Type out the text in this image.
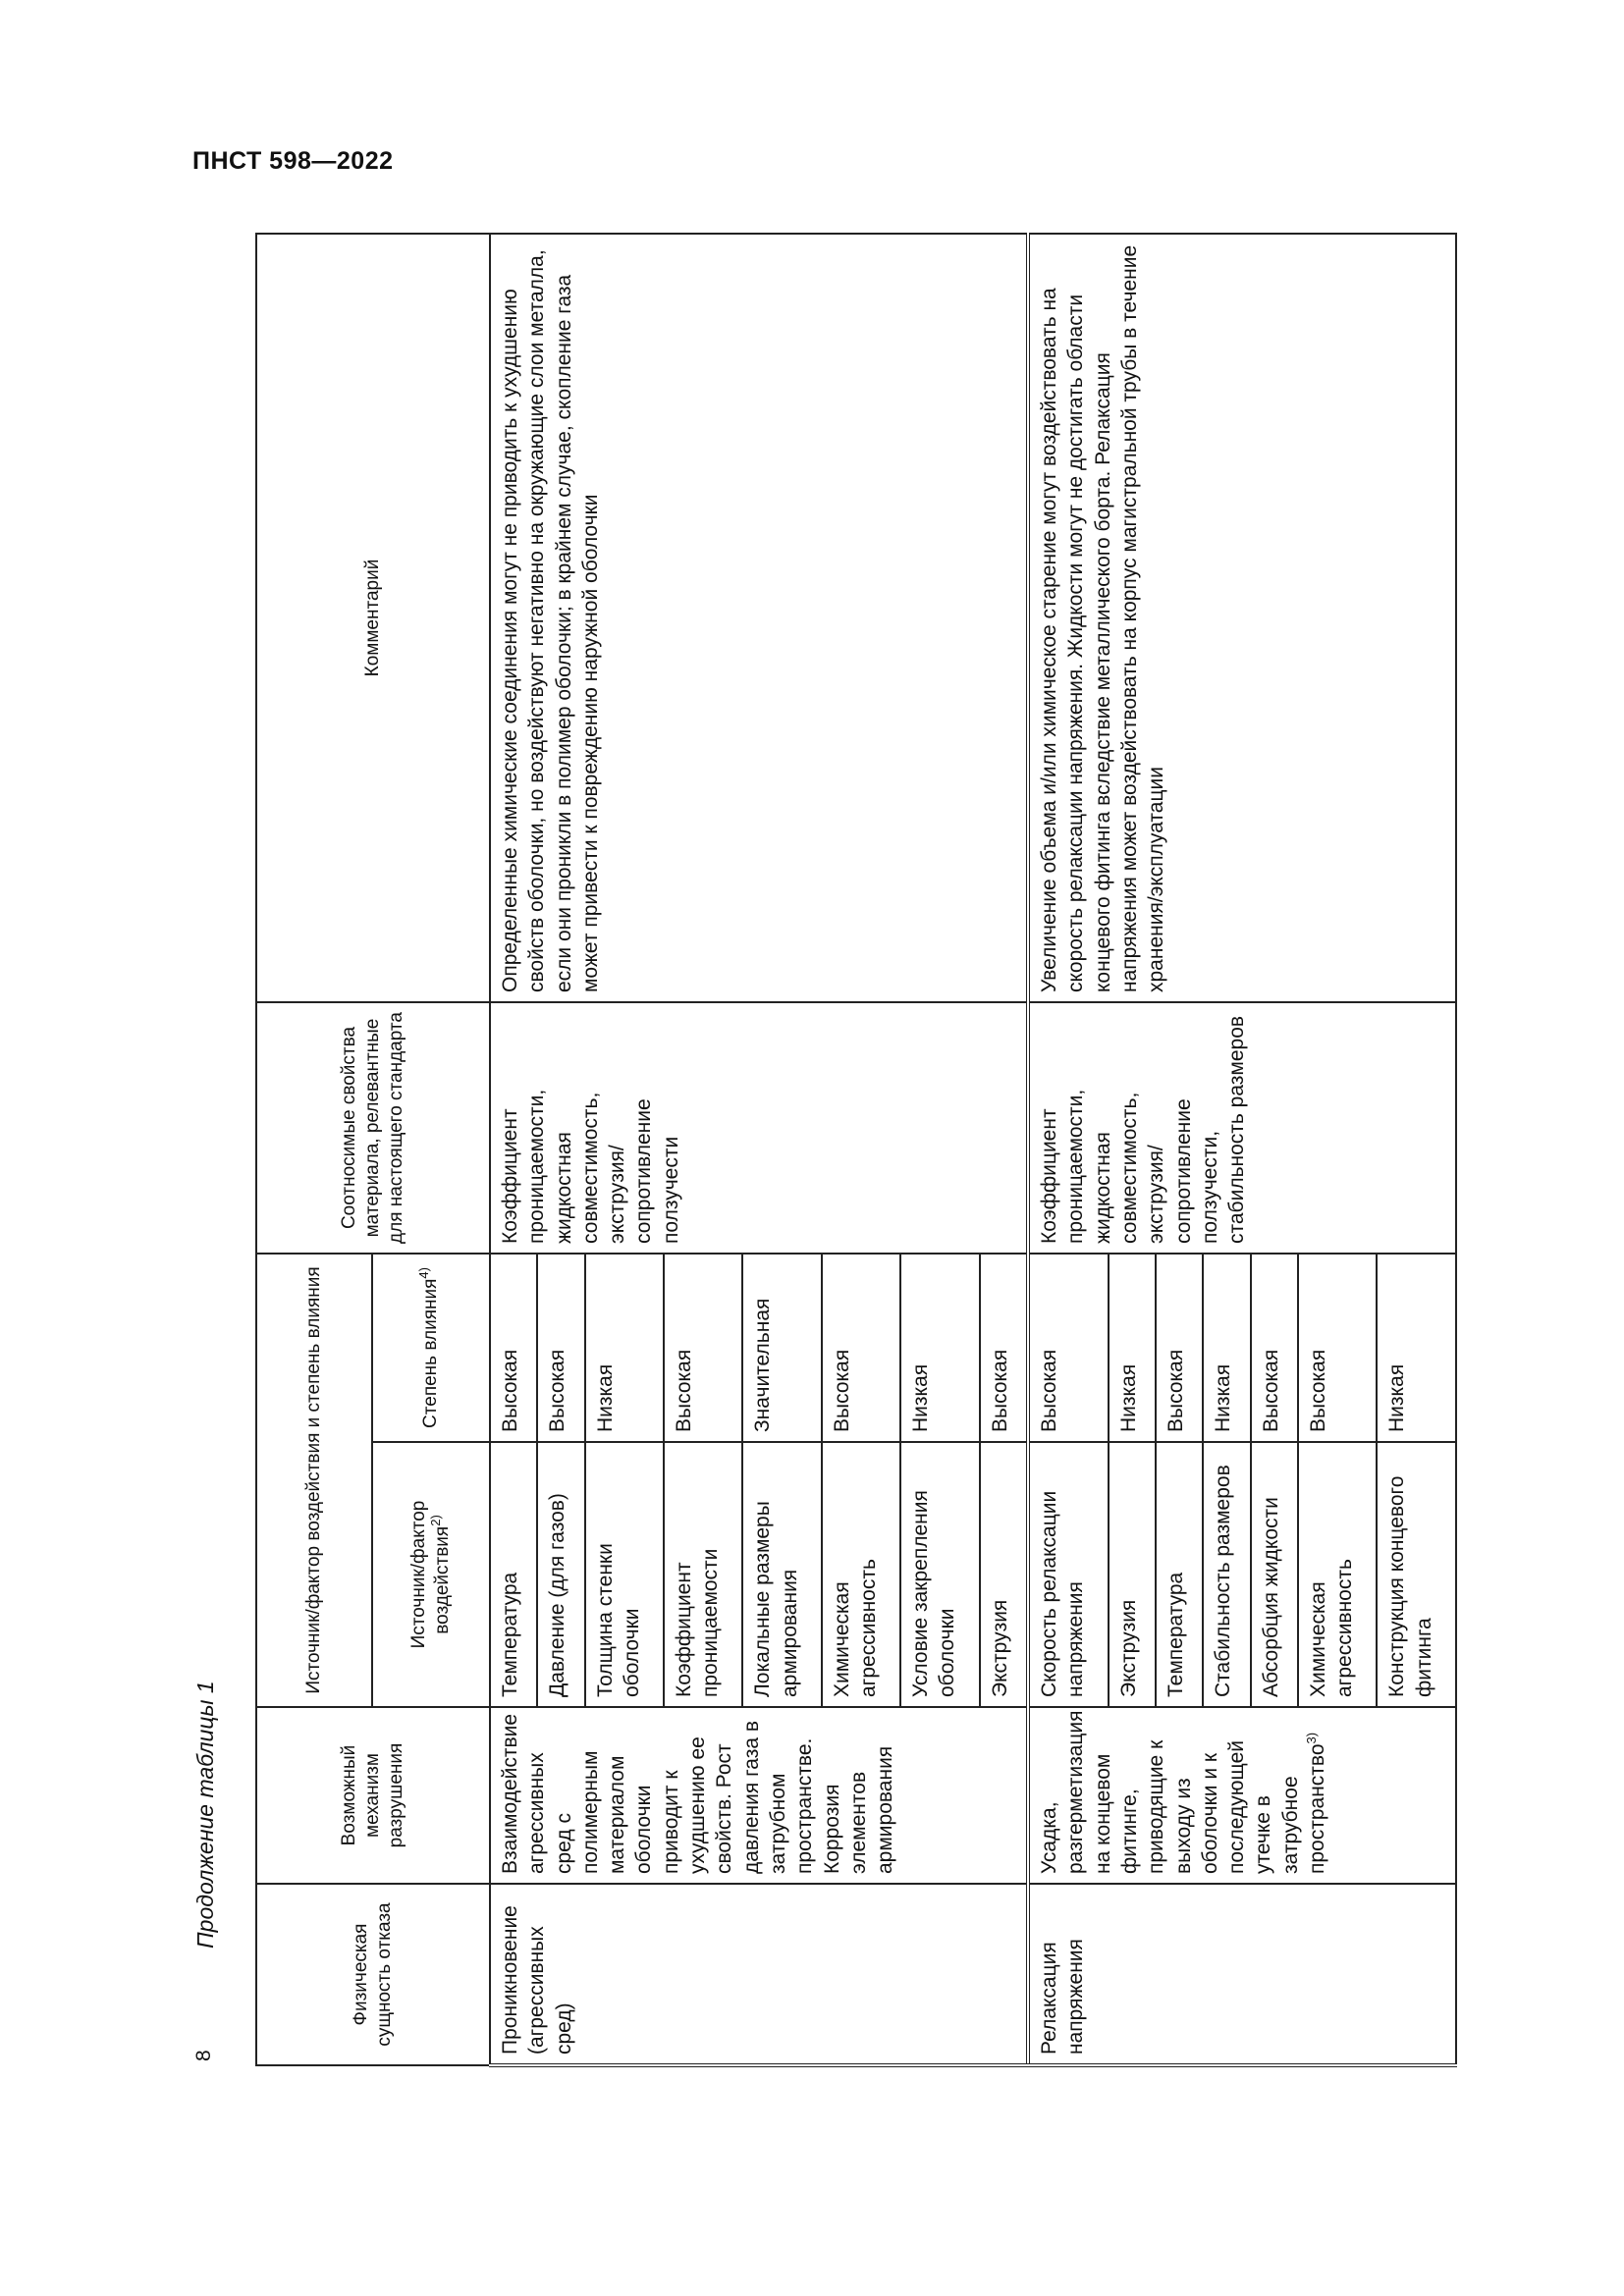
ПНСТ 598—2022
Продолжение таблицы 1
8
Физическая сущность отказа	Возможный механизм разрушения	Источник/фактор воздействия и степень влияния		Соотносимые свойства материала, релевантные для настоящего стандарта	Комментарий
		Источник/фактор воздействия$^{2)}$	Степень влияния$^{4)}$
Проникновение (агрессивных сред)	Взаимодействие агрессивных сред с полимерным материалом оболочки приводит к ухудшению ее свойств. Рост давления газа в затрубном пространстве. Коррозия элементов армирования	Температура	Высокая	Коэффициент проницаемости, жидкостная совместимость, экструзия/сопротивление ползучести	Определенные химические соединения могут не приводить к ухудшению свойств оболочки, но воздействуют негативно на окружающие слои металла, если они проникли в полимер оболочки; в крайнем случае, скопление газа может привести к повреждению наружной оболочки
		Давление (для газов)	Высокая		
		Толщина стенки оболочки	Низкая		
		Коэффициент проницаемости	Высокая		
		Локальные размеры армирования	Значительная		
		Химическая агрессивность	Высокая		
		Условие закрепления оболочки	Низкая		
		Экструзия	Высокая		
Релаксация напряжения	Усадка, разгерметизация на концевом фитинге, приводящие к выходу из оболочки и к последующей утечке в затрубное пространство$^{3)}$	Скорость релаксации напряжения	Высокая	Коэффициент проницаемости, жидкостная совместимость, экструзия/сопротивление ползучести, стабильность размеров	Увеличение объема и/или химическое старение могут воздействовать на скорость релаксации напряжения. Жидкости могут не достигать области концевого фитинга вследствие металлического борта. Релаксация напряжения может воздействовать на корпус магистральной трубы в течение хранения/эксплуатации
		Экструзия	Низкая		
		Температура	Высокая		
		Стабильность размеров	Низкая		
		Абсорбция жидкости	Высокая		
		Химическая агрессивность	Высокая		
		Конструкция концевого фитинга	Низкая		
